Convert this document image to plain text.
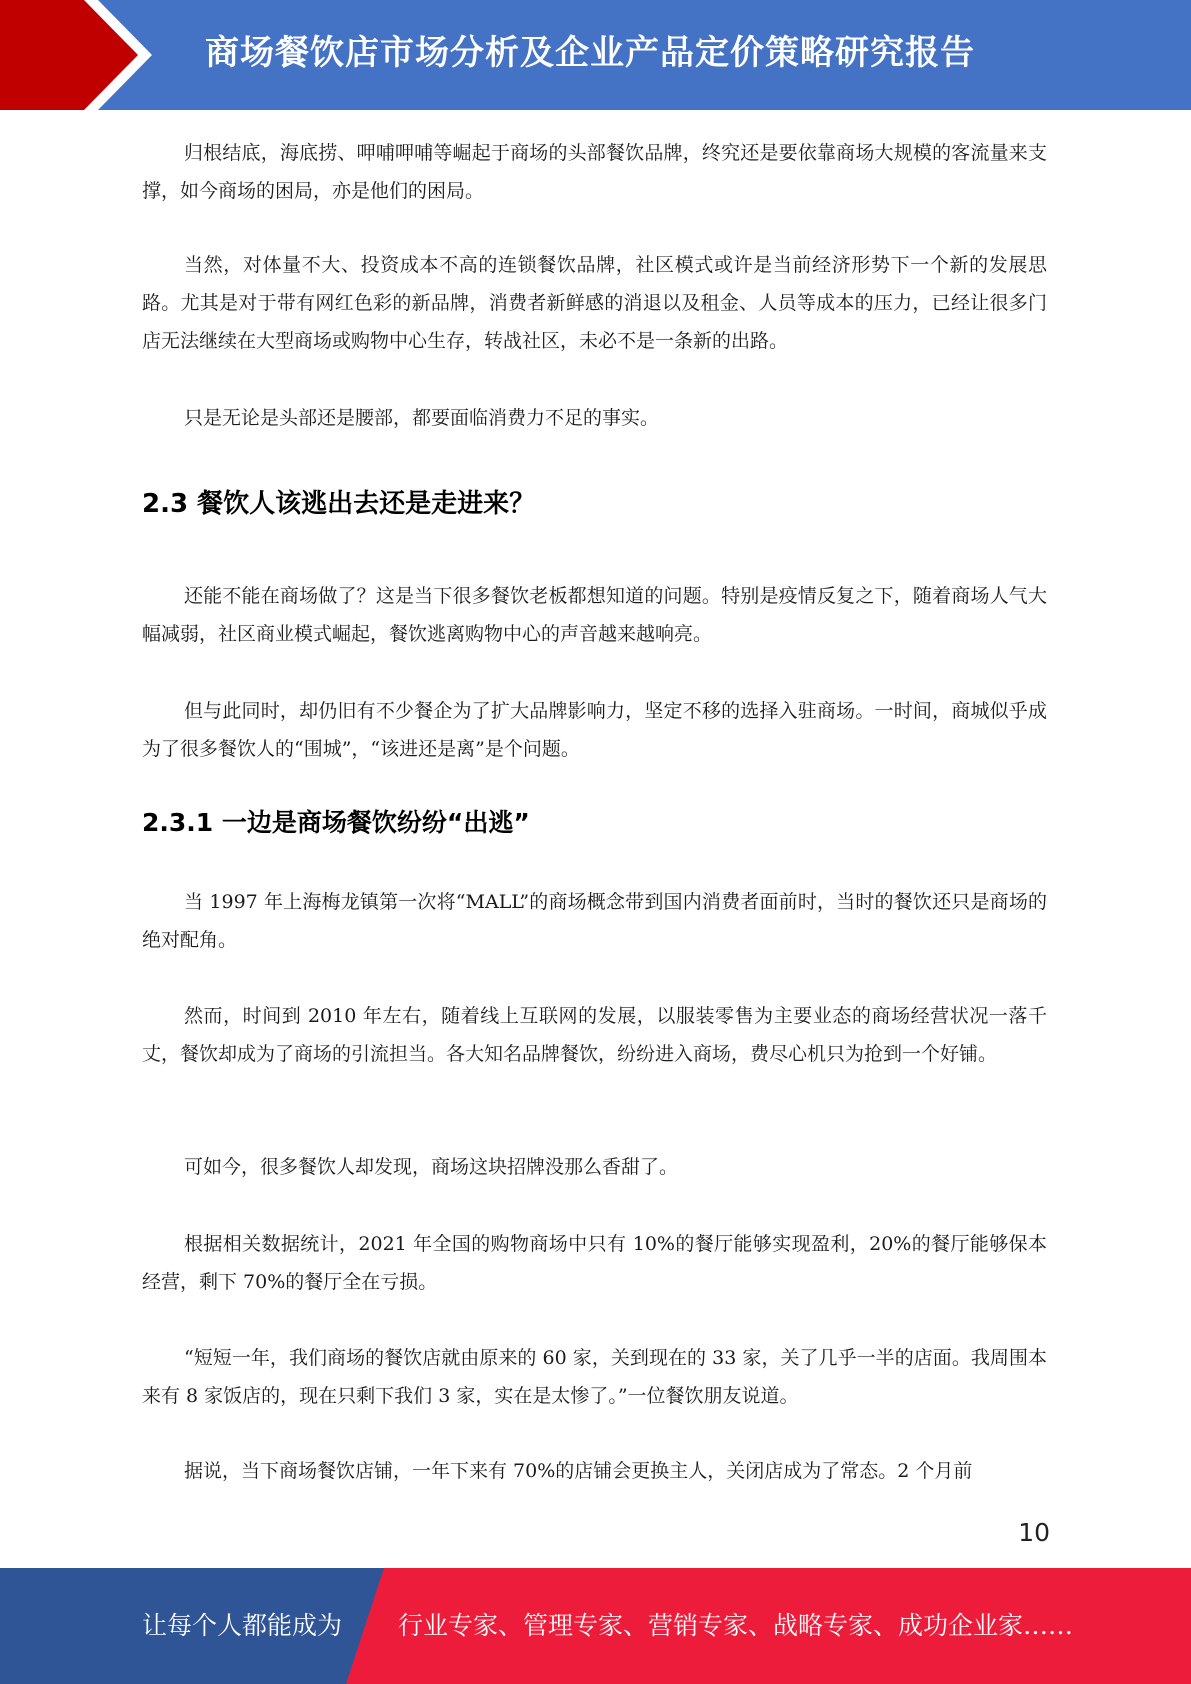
商场餐饮店市场分析及企业产品定价策略研究报告

归根结底，海底捞、呷哺呷哺等崛起于商场的头部餐饮品牌，终究还是要依靠商场大规模的客流量来支撑，如今商场的困局，亦是他们的困局。

当然，对体量不大、投资成本不高的连锁餐饮品牌，社区模式或许是当前经济形势下一个新的发展思路。尤其是对于带有网红色彩的新品牌，消费者新鲜感的消退以及租金、人员等成本的压力，已经让很多门店无法继续在大型商场或购物中心生存，转战社区，未必不是一条新的出路。

只是无论是头部还是腰部，都要面临消费力不足的事实。

2.3 餐饮人该逃出去还是走进来？

还能不能在商场做了？这是当下很多餐饮老板都想知道的问题。特别是疫情反复之下，随着商场人气大幅减弱，社区商业模式崛起，餐饮逃离购物中心的声音越来越响亮。

但与此同时，却仍旧有不少餐企为了扩大品牌影响力，坚定不移的选择入驻商场。一时间，商城似乎成为了很多餐饮人的“围城”，“该进还是离”是个问题。

2.3.1 一边是商场餐饮纷纷“出逃”

当 1997 年上海梅龙镇第一次将“MALL”的商场概念带到国内消费者面前时，当时的餐饮还只是商场的绝对配角。

然而，时间到 2010 年左右，随着线上互联网的发展，以服装零售为主要业态的商场经营状况一落千丈，餐饮却成为了商场的引流担当。各大知名品牌餐饮，纷纷进入商场，费尽心机只为抢到一个好铺。

可如今，很多餐饮人却发现，商场这块招牌没那么香甜了。

根据相关数据统计，2021 年全国的购物商场中只有 10%的餐厅能够实现盈利，20%的餐厅能够保本经营，剩下 70%的餐厅全在亏损。

“短短一年，我们商场的餐饮店就由原来的 60 家，关到现在的 33 家，关了几乎一半的店面。我周围本来有 8 家饭店的，现在只剩下我们 3 家，实在是太惨了。”一位餐饮朋友说道。

据说，当下商场餐饮店铺，一年下来有 70%的店铺会更换主人，关闭店成为了常态。2 个月前

10
让每个人都能成为 行业专家、管理专家、营销专家、战略专家、成功企业家……
